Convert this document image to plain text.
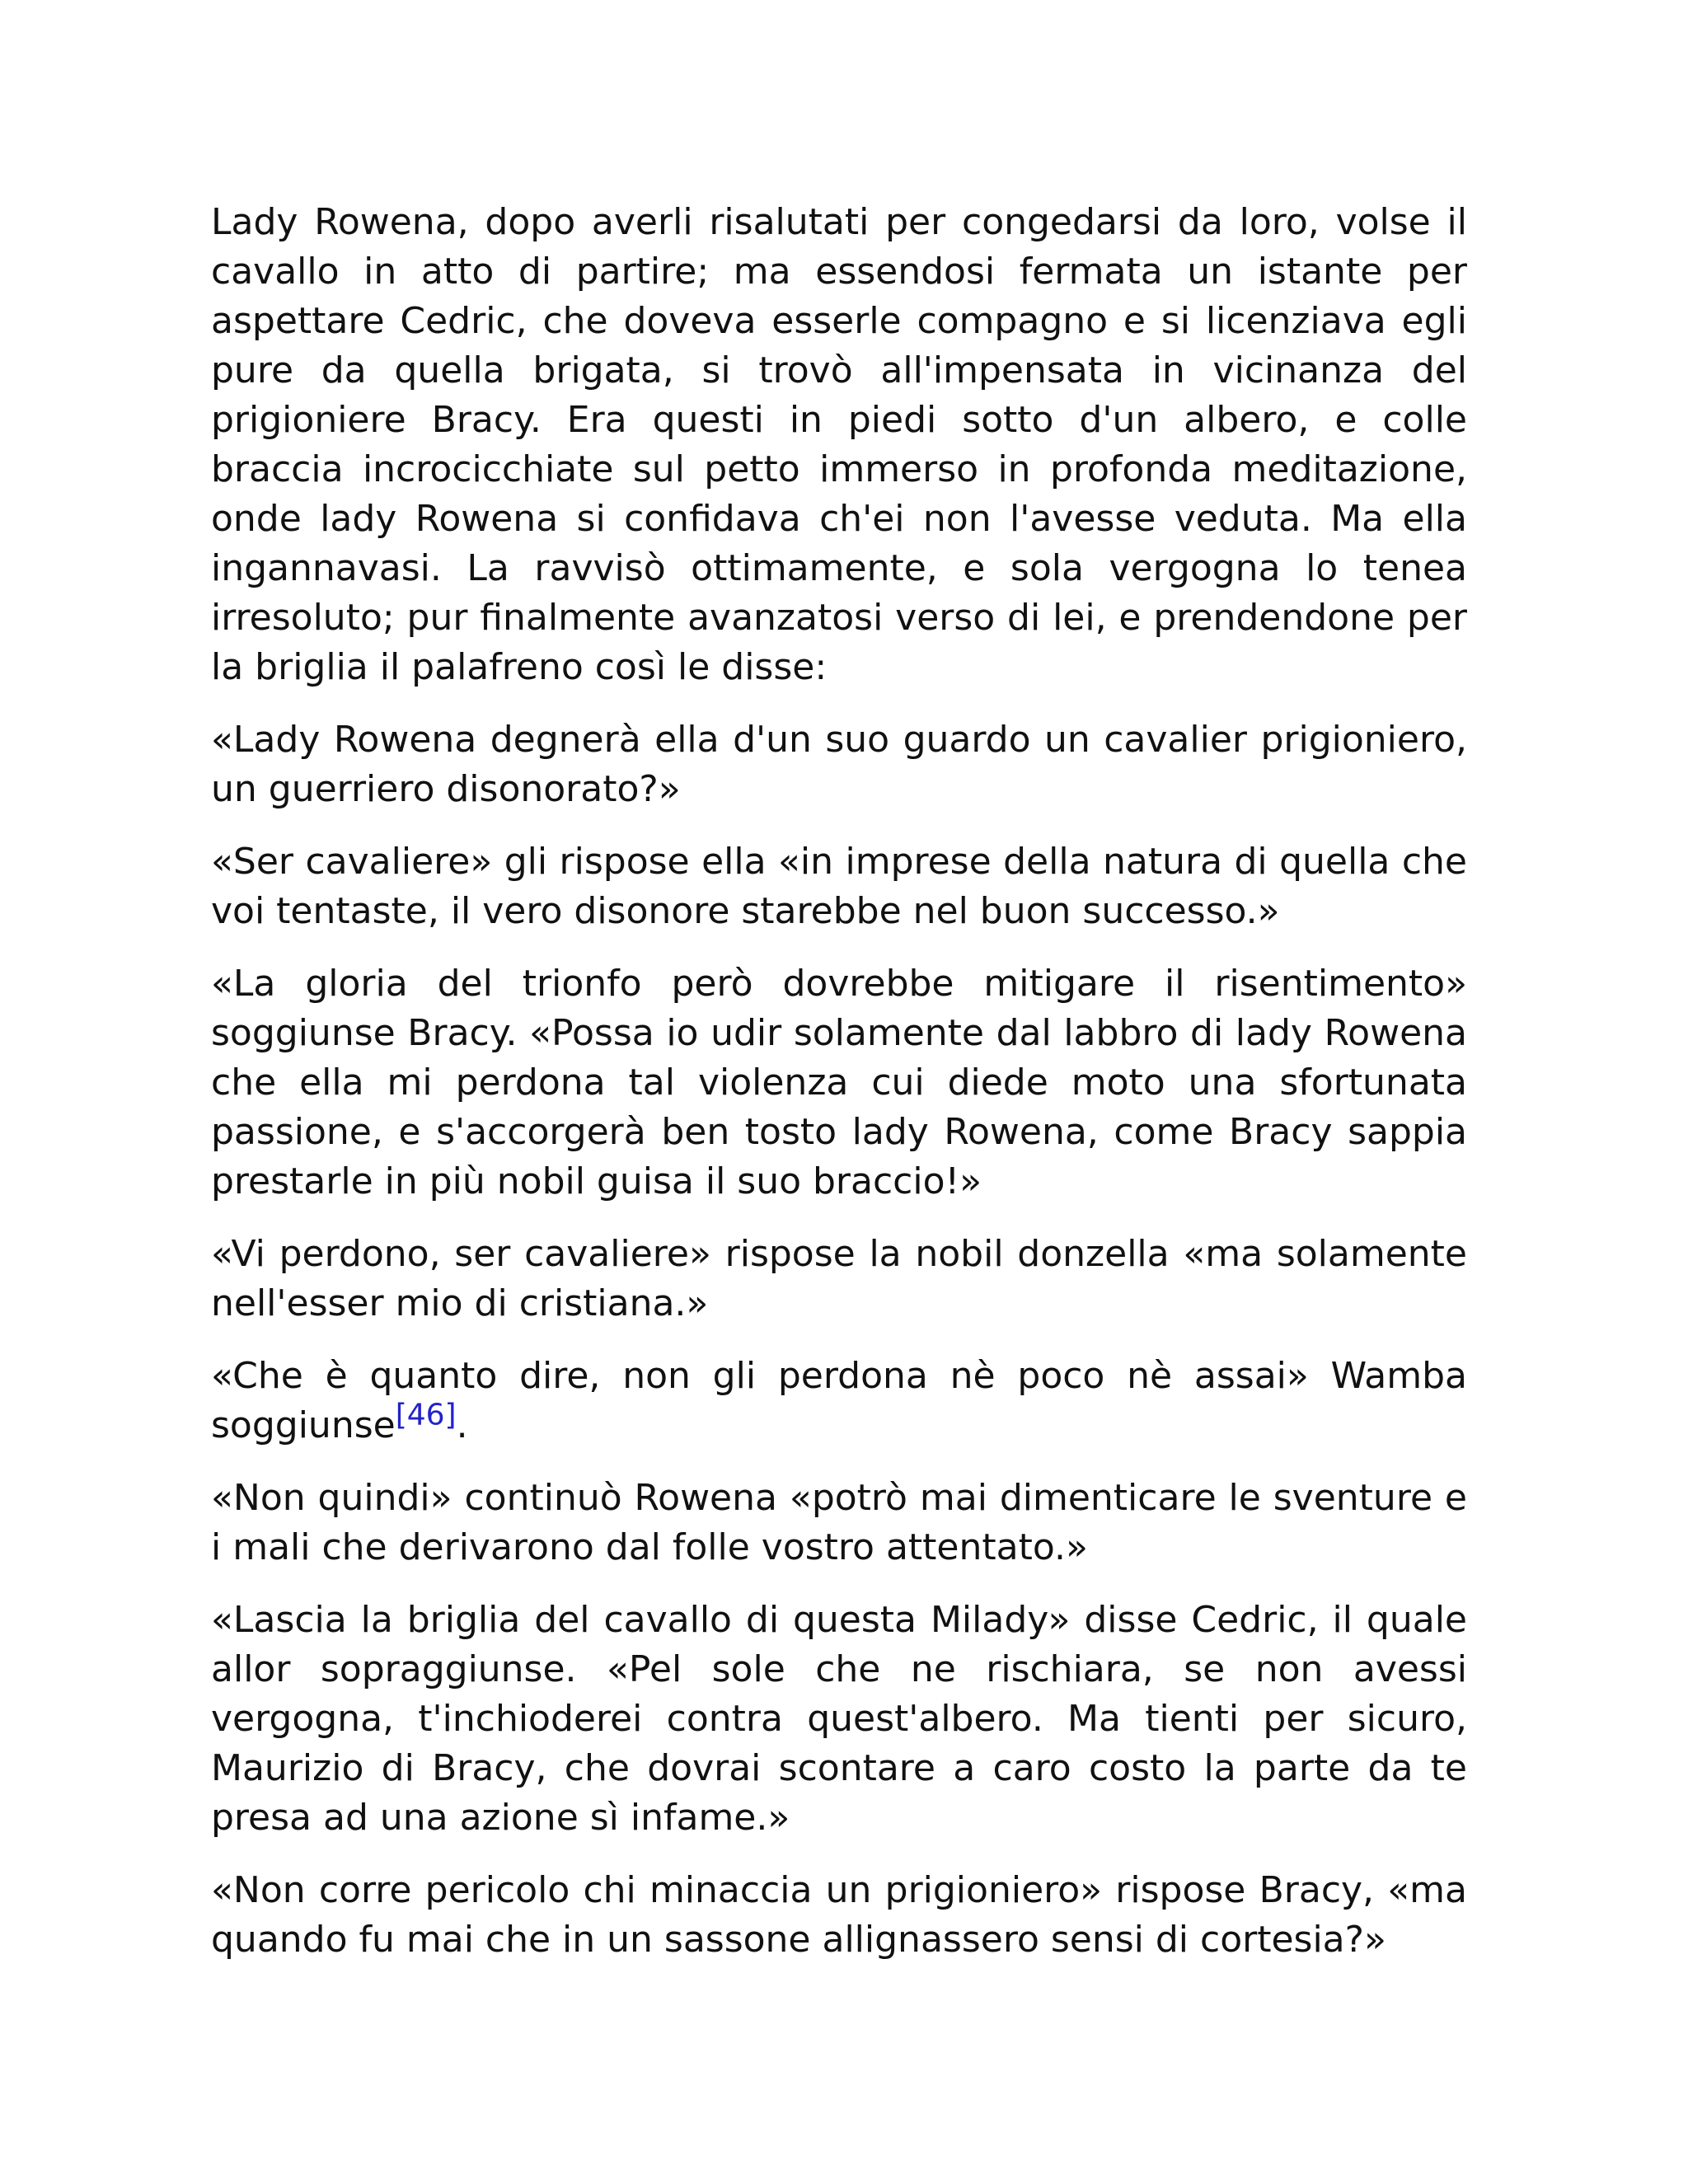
Lady Rowena, dopo averli risalutati per congedarsi da loro, volse il cavallo in atto di partire; ma essendosi fermata un istante per aspettare Cedric, che doveva esserle compagno e si licenziava egli pure da quella brigata, si trovò all'impensata in vicinanza del prigioniere Bracy. Era questi in piedi sotto d'un albero, e colle braccia incrocicchiate sul petto immerso in profonda meditazione, onde lady Rowena si confidava ch'ei non l'avesse veduta. Ma ella ingannavasi. La ravvisò ottimamente, e sola vergogna lo tenea irresoluto; pur finalmente avanzatosi verso di lei, e prendendone per la briglia il palafreno così le disse:

«Lady Rowena degnerà ella d'un suo guardo un cavalier prigioniero, un guerriero disonorato?»

«Ser cavaliere» gli rispose ella «in imprese della natura di quella che voi tentaste, il vero disonore starebbe nel buon successo.»

«La gloria del trionfo però dovrebbe mitigare il risentimento» soggiunse Bracy. «Possa io udir solamente dal labbro di lady Rowena che ella mi perdona tal violenza cui diede moto una sfortunata passione, e s'accorgerà ben tosto lady Rowena, come Bracy sappia prestarle in più nobil guisa il suo braccio!»

«Vi perdono, ser cavaliere» rispose la nobil donzella «ma solamente nell'esser mio di cristiana.»

«Che è quanto dire, non gli perdona nè poco nè assai» Wamba soggiunse[46].

«Non quindi» continuò Rowena «potrò mai dimenticare le sventure e i mali che derivarono dal folle vostro attentato.»

«Lascia la briglia del cavallo di questa Milady» disse Cedric, il quale allor sopraggiunse. «Pel sole che ne rischiara, se non avessi vergogna, t'inchioderei contra quest'albero. Ma tienti per sicuro, Maurizio di Bracy, che dovrai scontare a caro costo la parte da te presa ad una azione sì infame.»

«Non corre pericolo chi minaccia un prigioniero» rispose Bracy, «ma quando fu mai che in un sassone allignassero sensi di cortesia?»
